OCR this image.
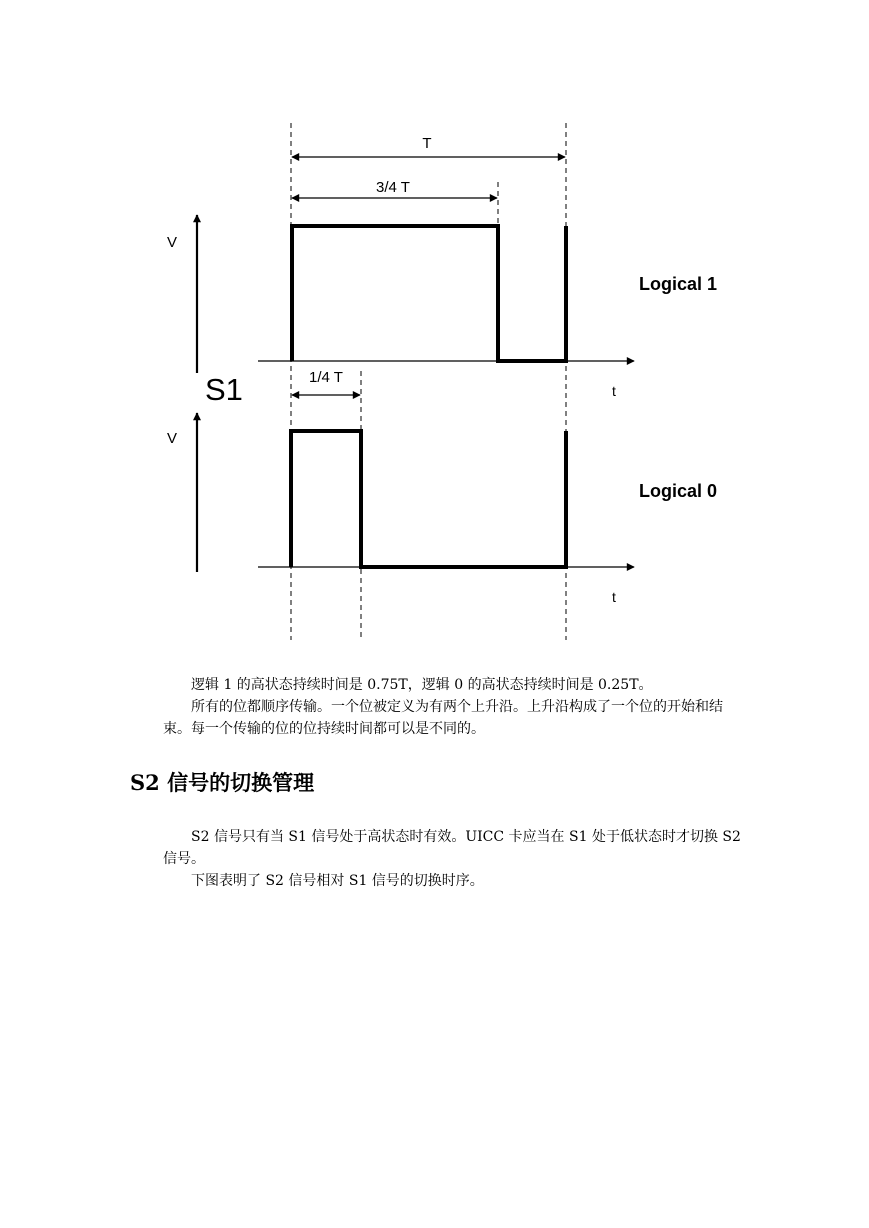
T
3/4 T
1/4 T
V
V
t
t
S1
Logical 1
Logical 0

逻辑 1 的高状态持续时间是 0.75T，逻辑 0 的高状态持续时间是 0.25T。

所有的位都顺序传输。一个位被定义为有两个上升沿。上升沿构成了一个位的开始和结束。每一个传输的位的位持续时间都可以是不同的。

S2 信号的切换管理

S2 信号只有当 S1 信号处于高状态时有效。UICC 卡应当在 S1 处于低状态时才切换 S2 信号。

下图表明了 S2 信号相对 S1 信号的切换时序。
